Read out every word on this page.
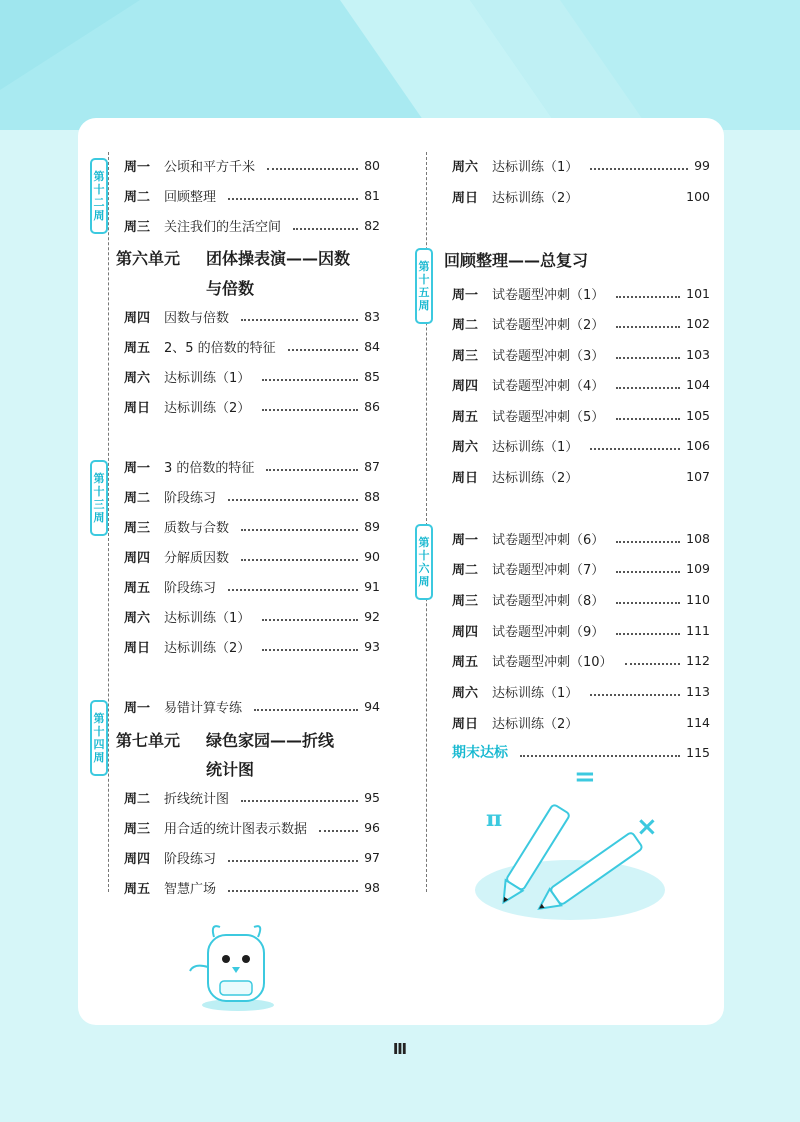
第
十
二
周
周一	公顷和平方千米	80
周二	回顾整理	81
周三	关注我们的生活空间	82
第六单元 团体操表演——因数
与倍数
周四	因数与倍数	83
周五	2、5 的倍数的特征	84
周六	达标训练（1）	85
周日	达标训练（2）	86
第
十
三
周
周一	3 的倍数的特征	87
周二	阶段练习	88
周三	质数与合数	89
周四	分解质因数	90
周五	阶段练习	91
周六	达标训练（1）	92
周日	达标训练（2）	93
第
十
四
周
周一	易错计算专练	94
第七单元 绿色家园——折线
统计图
周二	折线统计图	95
周三	用合适的统计图表示数据	96
周四	阶段练习	97
周五	智慧广场	98
周六	达标训练（1）	99
周日	达标训练（2）	100
回顾整理——总复习
第
十
五
周
周一	试卷题型冲刺（1）	101
周二	试卷题型冲刺（2）	102
周三	试卷题型冲刺（3）	103
周四	试卷题型冲刺（4）	104
周五	试卷题型冲刺（5）	105
周六	达标训练（1）	106
周日	达标训练（2）	107
第
十
六
周
周一	试卷题型冲刺（6）	108
周二	试卷题型冲刺（7）	109
周三	试卷题型冲刺（8）	110
周四	试卷题型冲刺（9）	111
周五	试卷题型冲刺（10）	112
周六	达标训练（1）	113
周日	达标训练（2）	114
期末达标	115
π
=
×
Ⅲ
